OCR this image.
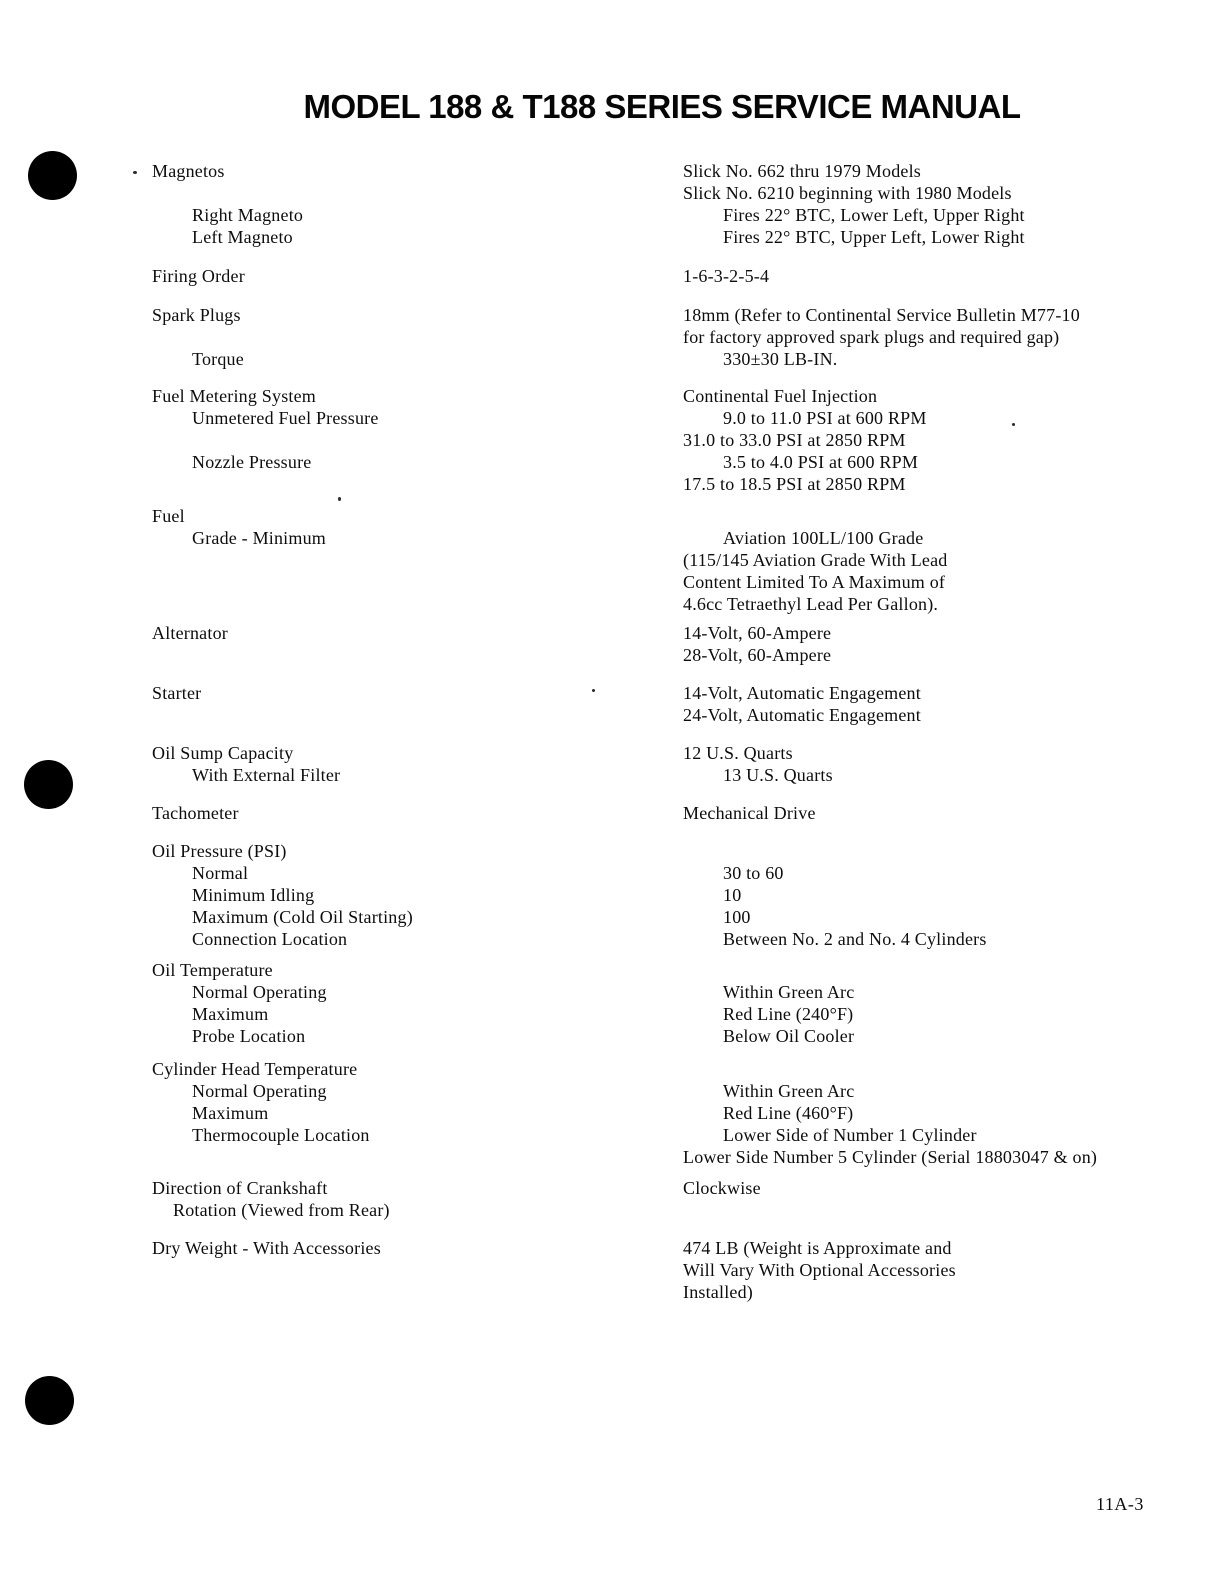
MODEL 188 & T188 SERIES SERVICE MANUAL
Magnetos	Slick No. 662 thru 1979 Models
Slick No. 6210 beginning with 1980 Models
Right Magneto	Fires 22° BTC, Lower Left, Upper Right
Left Magneto	Fires 22° BTC, Upper Left, Lower Right
Firing Order	1-6-3-2-5-4
Spark Plugs	18mm (Refer to Continental Service Bulletin M77-10
for factory approved spark plugs and required gap)
Torque	330±30 LB-IN.
Fuel Metering System	Continental Fuel Injection
Unmetered Fuel Pressure	9.0 to 11.0 PSI at 600 RPM
31.0 to 33.0 PSI at 2850 RPM
Nozzle Pressure	3.5 to 4.0 PSI at 600 RPM
17.5 to 18.5 PSI at 2850 RPM
Fuel
Grade - Minimum	Aviation 100LL/100 Grade
(115/145 Aviation Grade With Lead
Content Limited To A Maximum of
4.6cc Tetraethyl Lead Per Gallon).
Alternator	14-Volt, 60-Ampere
28-Volt, 60-Ampere
Starter	14-Volt, Automatic Engagement
24-Volt, Automatic Engagement
Oil Sump Capacity	12 U.S. Quarts
With External Filter	13 U.S. Quarts
Tachometer	Mechanical Drive
Oil Pressure (PSI)
Normal	30 to 60
Minimum Idling	10
Maximum (Cold Oil Starting)	100
Connection Location	Between No. 2 and No. 4 Cylinders
Oil Temperature
Normal Operating	Within Green Arc
Maximum	Red Line (240°F)
Probe Location	Below Oil Cooler
Cylinder Head Temperature
Normal Operating	Within Green Arc
Maximum	Red Line (460°F)
Thermocouple Location	Lower Side of Number 1 Cylinder
Lower Side Number 5 Cylinder (Serial 18803047 & on)
Direction of Crankshaft	Clockwise
Rotation (Viewed from Rear)
Dry Weight - With Accessories	474 LB (Weight is Approximate and
Will Vary With Optional Accessories
Installed)
11A-3
